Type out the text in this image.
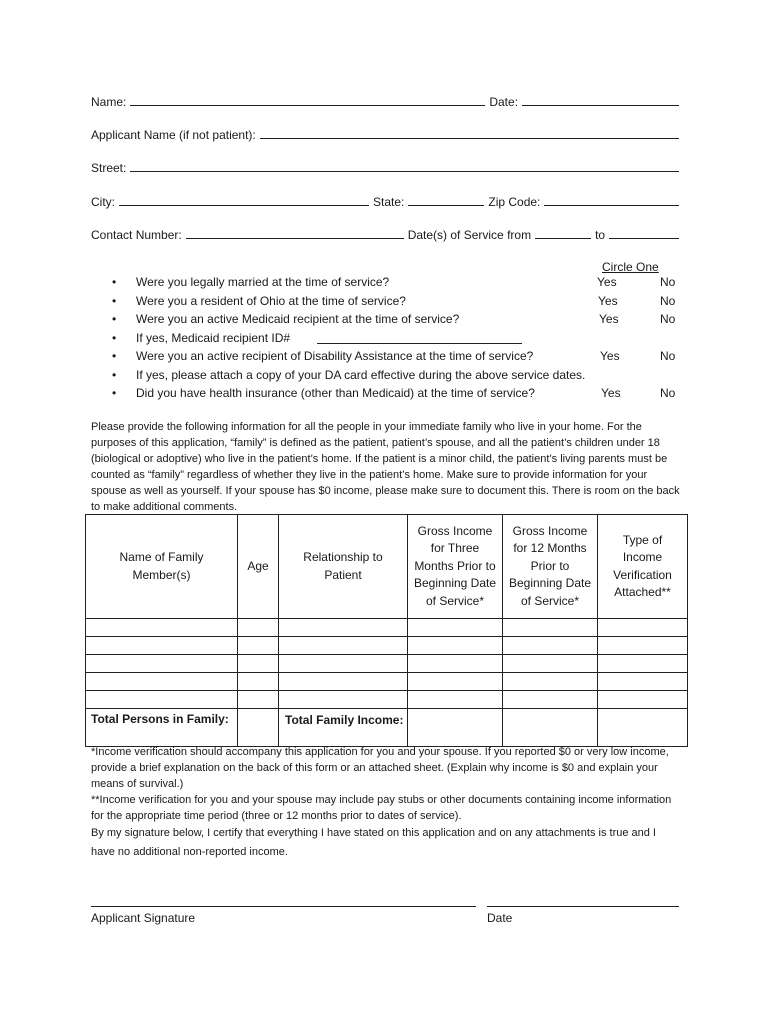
Name:	Date:
Applicant Name (if not patient):
Street:
City:	State:	Zip Code:
Contact Number:	Date(s) of Service from	to
Circle One
• Were you legally married at the time of service?	Yes	No
• Were you a resident of Ohio at the time of service?	Yes	No
• Were you an active Medicaid recipient at the time of service?	Yes	No
• If yes, Medicaid recipient ID#
• Were you an active recipient of Disability Assistance at the time of service?	Yes	No
• If yes, please attach a copy of your DA card effective during the above service dates.
• Did you have health insurance (other than Medicaid) at the time of service?	Yes	No
Please provide the following information for all the people in your immediate family who live in your home. For the purposes of this application, “family” is defined as the patient, patient’s spouse, and all the patient’s children under 18 (biological or adoptive) who live in the patient’s home. If the patient is a minor child, the patient’s living parents must be counted as “family” regardless of whether they live in the patient’s home. Make sure to provide information for your spouse as well as yourself. If your spouse has $0 income, please make sure to document this. There is room on the back to make additional comments.
Name of Family Member(s)	Age	Relationship to Patient	Gross Income for Three Months Prior to Beginning Date of Service*	Gross Income for 12 Months Prior to Beginning Date of Service*	Type of Income Verification Attached**

Total Persons in Family:		Total Family Income:			
*Income verification should accompany this application for you and your spouse. If you reported $0 or very low income, provide a brief explanation on the back of this form or an attached sheet. (Explain why income is $0 and explain your means of survival.)
**Income verification for you and your spouse may include pay stubs or other documents containing income information for the appropriate time period (three or 12 months prior to dates of service).
By my signature below, I certify that everything I have stated on this application and on any attachments is true and I have no additional non-reported income.
Applicant Signature	Date
